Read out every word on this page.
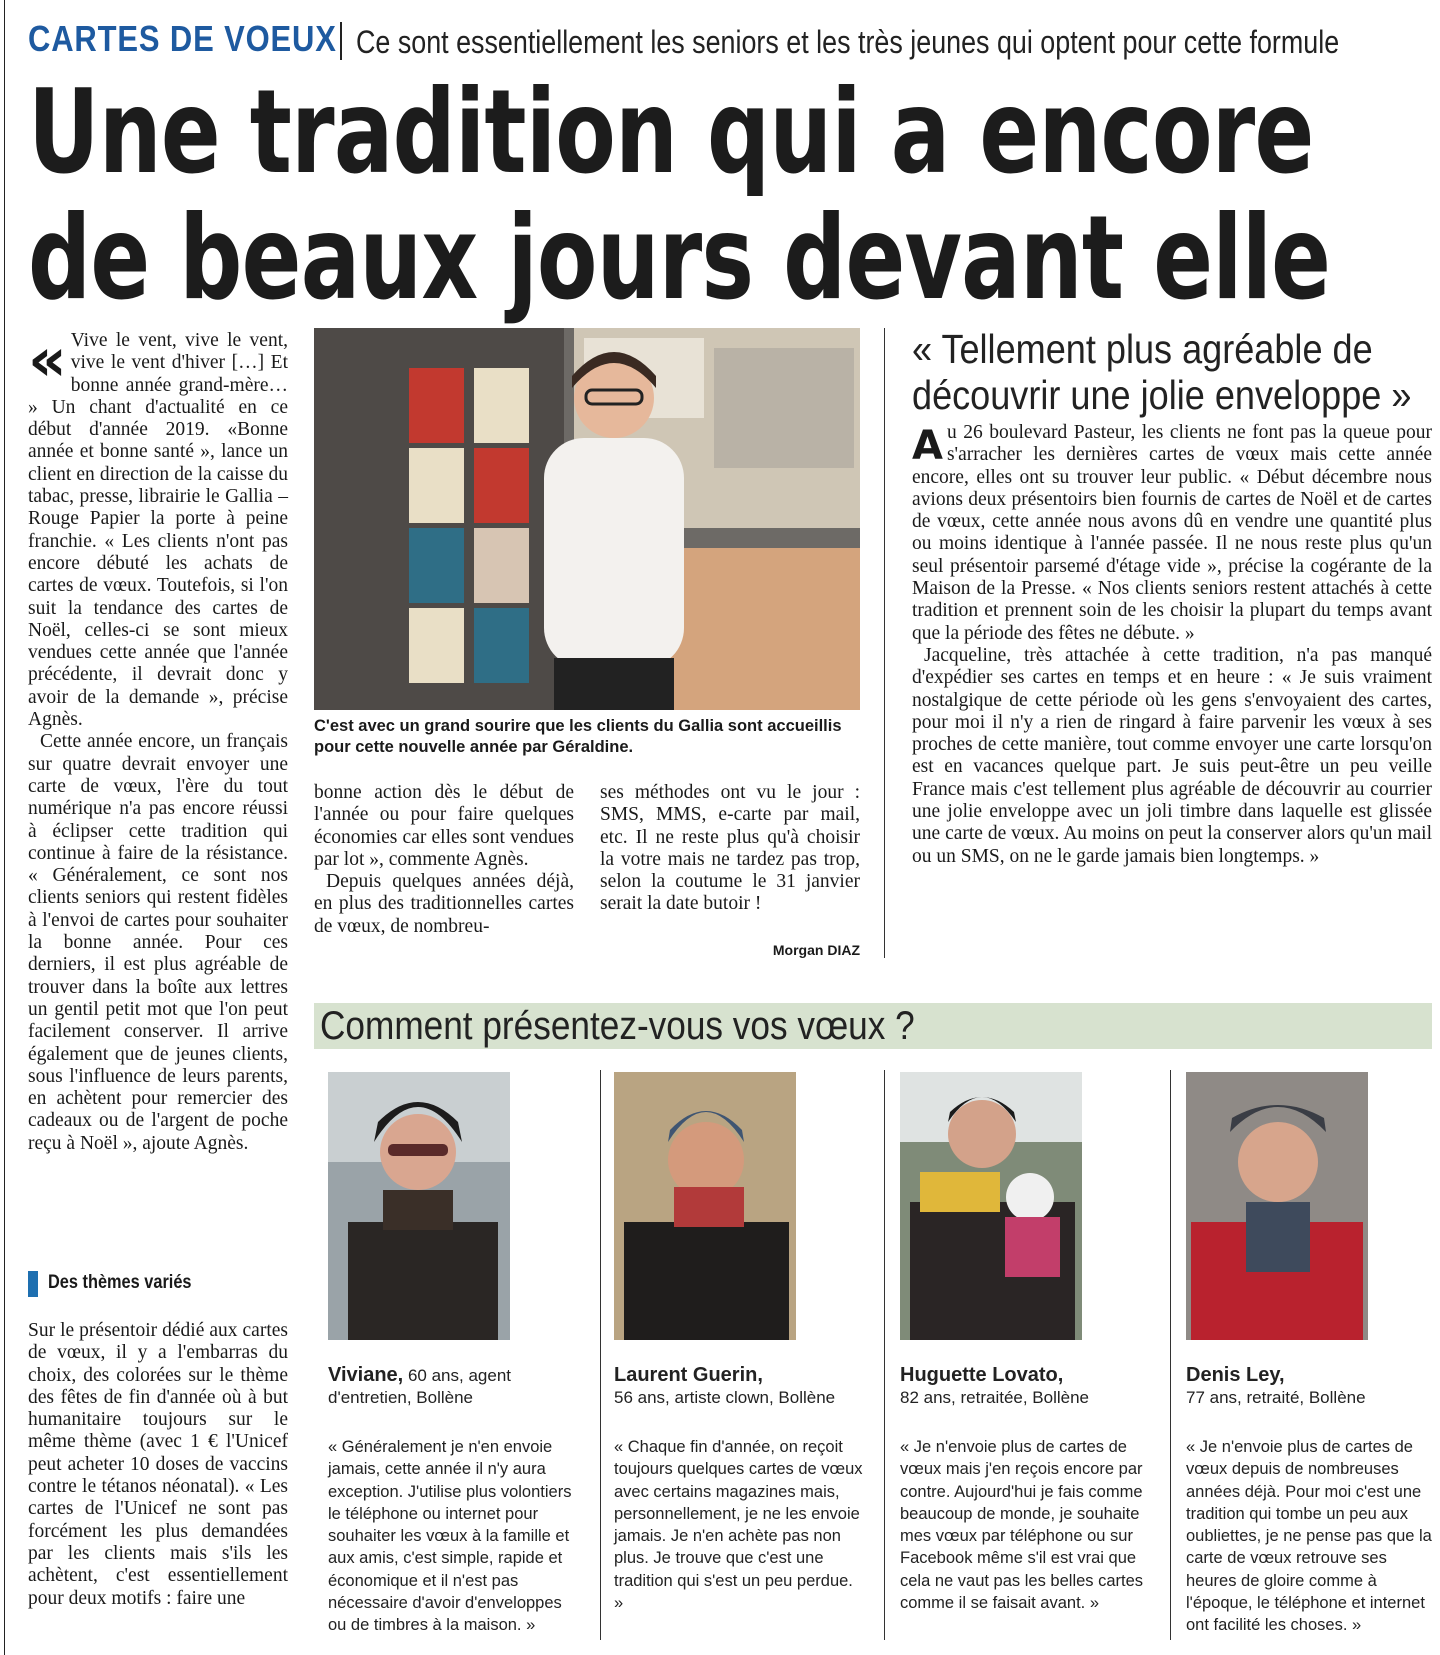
CARTES DE VOEUX Ce sont essentiellement les seniors et les très jeunes qui optent pour cette formule
Une tradition qui a encore
de beaux jours devant elle

« Vive le vent, vive le vent, vive le vent d'hiver […] Et bonne année grand-mère… » Un chant d'actualité en ce début d'année 2019. «Bonne année et bonne santé », lance un client en direction de la caisse du tabac, presse, librairie le Gallia – Rouge Papier la porte à peine franchie. « Les clients n'ont pas encore débuté les achats de cartes de vœux. Toutefois, si l'on suit la tendance des cartes de Noël, celles-ci se sont mieux vendues cette année que l'année précédente, il devrait donc y avoir de la demande », précise Agnès.

Cette année encore, un français sur quatre devrait envoyer une carte de vœux, l'ère du tout numérique n'a pas encore réussi à éclipser cette tradition qui continue à faire de la résistance. « Généralement, ce sont nos clients seniors qui restent fidèles à l'envoi de cartes pour souhaiter la bonne année. Pour ces derniers, il est plus agréable de trouver dans la boîte aux lettres un gentil petit mot que l'on peut facilement conserver. Il arrive également que de jeunes clients, sous l'influence de leurs parents, en achètent pour remercier des cadeaux ou de l'argent de poche reçu à Noël », ajoute Agnès.

Des thèmes variés

Sur le présentoir dédié aux cartes de vœux, il y a l'embarras du choix, des colorées sur le thème des fêtes de fin d'année où à but humanitaire toujours sur le même thème (avec 1 € l'Unicef peut acheter 10 doses de vaccins contre le tétanos néonatal). « Les cartes de l'Unicef ne sont pas forcément les plus demandées par les clients mais s'ils les achètent, c'est essentiellement pour deux motifs : faire une

C'est avec un grand sourire que les clients du Gallia sont accueillis pour cette nouvelle année par Géraldine.

bonne action dès le début de l'année ou pour faire quelques économies car elles sont vendues par lot », commente Agnès.

Depuis quelques années déjà, en plus des traditionnelles cartes de vœux, de nombreu-

ses méthodes ont vu le jour : SMS, MMS, e-carte par mail, etc. Il ne reste plus qu'à choisir la votre mais ne tardez pas trop, selon la coutume le 31 janvier serait la date butoir !

Morgan DIAZ
« Tellement plus agréable de
découvrir une jolie enveloppe »

Au 26 boulevard Pasteur, les clients ne font pas la queue pour s'arracher les dernières cartes de vœux mais cette année encore, elles ont su trouver leur public. « Début décembre nous avions deux présentoirs bien fournis de cartes de Noël et de cartes de vœux, cette année nous avons dû en vendre une quantité plus ou moins identique à l'année passée. Il ne nous reste plus qu'un seul présentoir parsemé d'étage vide », précise la cogérante de la Maison de la Presse. « Nos clients seniors restent attachés à cette tradition et prennent soin de les choisir la plupart du temps avant que la période des fêtes ne débute. »

Jacqueline, très attachée à cette tradition, n'a pas manqué d'expédier ses cartes en temps et en heure : « Je suis vraiment nostalgique de cette période où les gens s'envoyaient des cartes, pour moi il n'y a rien de ringard à faire parvenir les vœux à ses proches de cette manière, tout comme envoyer une carte lorsqu'on est en vacances quelque part. Je suis peut-être un peu veille France mais c'est tellement plus agréable de découvrir au courrier une jolie enveloppe avec un joli timbre dans laquelle est glissée une carte de vœux. Au moins on peut la conserver alors qu'un mail ou un SMS, on ne le garde jamais bien longtemps. »

Comment présentez-vous vos vœux ?
Viviane, 60 ans, agent d'entretien, Bollène
« Généralement je n'en envoie jamais, cette année il n'y aura exception. J'utilise plus volontiers le téléphone ou internet pour souhaiter les vœux à la famille et aux amis, c'est simple, rapide et économique et il n'est pas nécessaire d'avoir d'enveloppes ou de timbres à la maison. »
Laurent Guerin,
56 ans, artiste clown, Bollène
« Chaque fin d'année, on reçoit toujours quelques cartes de vœux avec certains magazines mais, personnellement, je ne les envoie jamais. Je n'en achète pas non plus. Je trouve que c'est une tradition qui s'est un peu perdue. »
Huguette Lovato,
82 ans, retraitée, Bollène
« Je n'envoie plus de cartes de vœux mais j'en reçois encore par contre. Aujourd'hui je fais comme beaucoup de monde, je souhaite mes vœux par téléphone ou sur Facebook même s'il est vrai que cela ne vaut pas les belles cartes comme il se faisait avant. »
Denis Ley,
77 ans, retraité, Bollène
« Je n'envoie plus de cartes de vœux depuis de nombreuses années déjà. Pour moi c'est une tradition qui tombe un peu aux oubliettes, je ne pense pas que la carte de vœux retrouve ses heures de gloire comme à l'époque, le téléphone et internet ont facilité les choses. »
